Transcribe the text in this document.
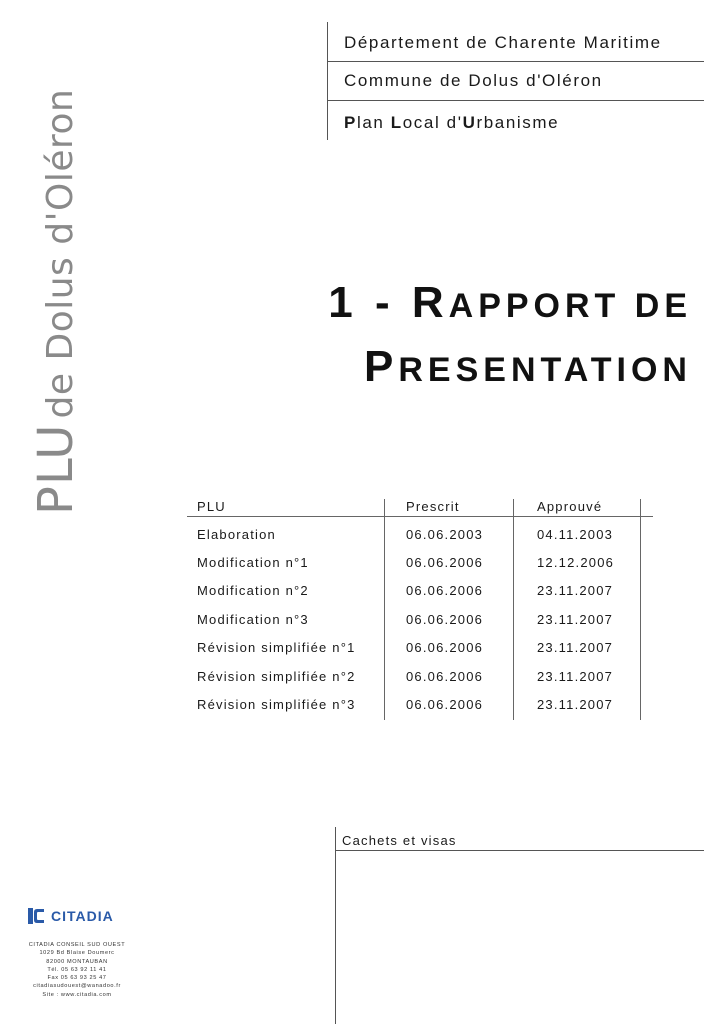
Département de Charente Maritime
Commune de Dolus d'Oléron
Plan Local d'Urbanisme
PLU de Dolus d'Oléron	1 - RAPPORT DE
PRESENTATION
PLU	Prescrit	Approuvé
Elaboration	06.06.2003	04.11.2003
Modification n°1	06.06.2006	12.12.2006
Modification n°2	06.06.2006	23.11.2007
Modification n°3	06.06.2006	23.11.2007
Révision simplifiée n°1	06.06.2006	23.11.2007
Révision simplifiée n°2	06.06.2006	23.11.2007
Révision simplifiée n°3	06.06.2006	23.11.2007
Cachets et visas
CITADIA
CITADIA CONSEIL SUD OUEST
1029 Bd Blaise Doumerc
82000 MONTAUBAN
Tél. 05 63 92 11 41
Fax 05 63 93 25 47
citadiasudouest@wanadoo.fr
Site : www.citadia.com
